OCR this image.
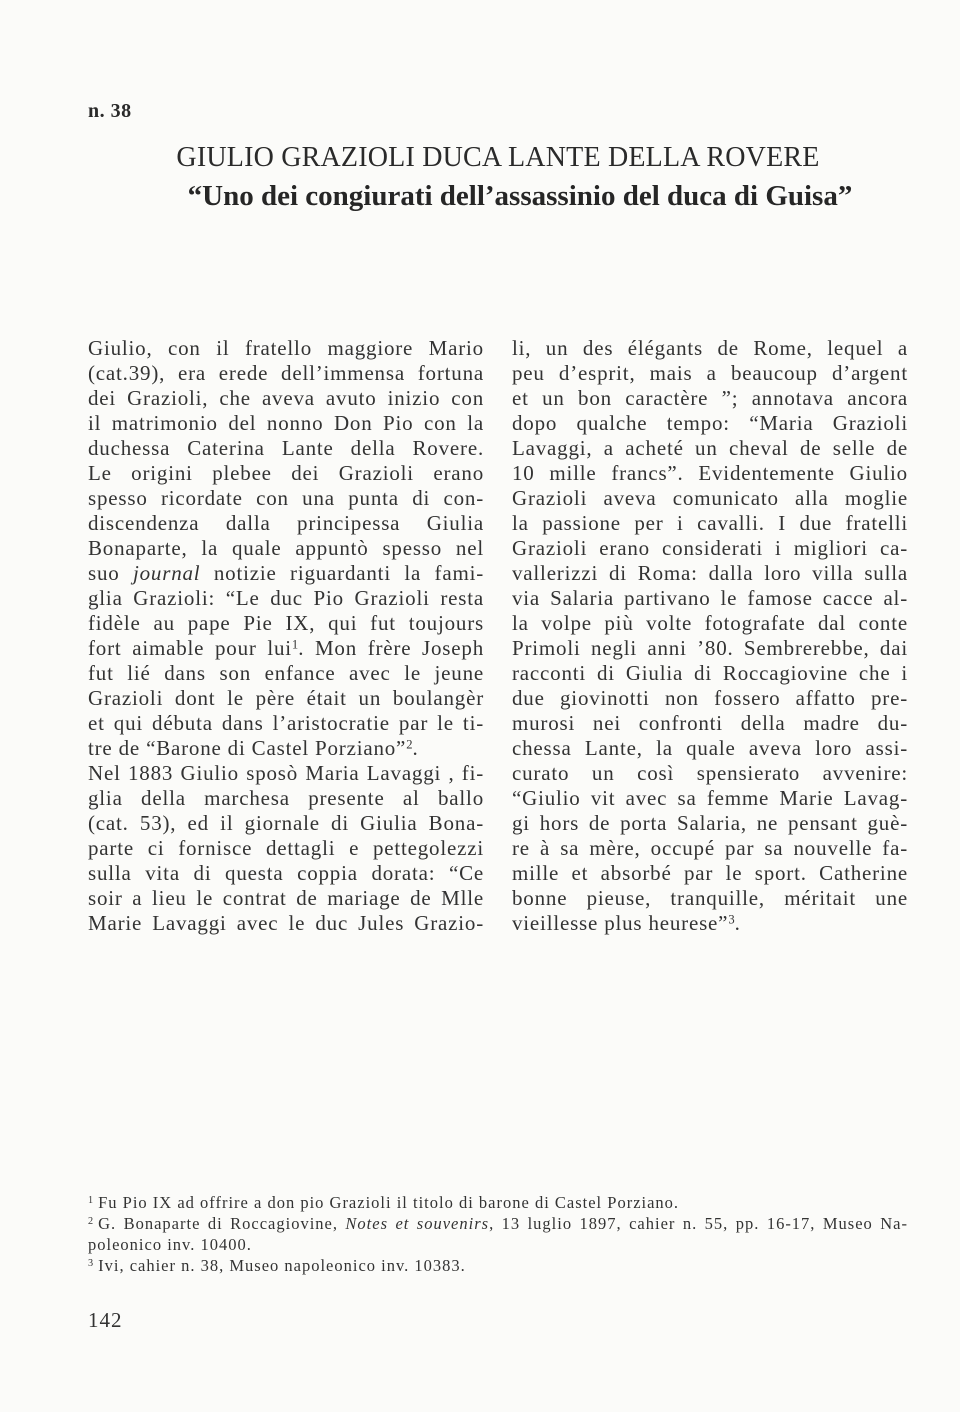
n. 38
GIULIO GRAZIOLI DUCA LANTE DELLA ROVERE
“Uno dei congiurati dell’assassinio del duca di Guisa”
Giulio, con il fratello maggiore Mario
(cat.39), era erede dell’immensa fortuna
dei Grazioli, che aveva avuto inizio con
il matrimonio del nonno Don Pio con la
duchessa Caterina Lante della Rovere.
Le origini plebee dei Grazioli erano
spesso ricordate con una punta di con-
discendenza dalla principessa Giulia
Bonaparte, la quale appuntò spesso nel
suo journal notizie riguardanti la fami-
glia Grazioli: “Le duc Pio Grazioli resta
fidèle au pape Pie IX, qui fut toujours
fort aimable pour lui$^1$. Mon frère Joseph
fut lié dans son enfance avec le jeune
Grazioli dont le père était un boulangèr
et qui débuta dans l’aristocratie par le ti-
tre de “Barone di Castel Porziano”$^2$.
Nel 1883 Giulio sposò Maria Lavaggi , fi-
glia della marchesa presente al ballo
(cat. 53), ed il giornale di Giulia Bona-
parte ci fornisce dettagli e pettegolezzi
sulla vita di questa coppia dorata: “Ce
soir a lieu le contrat de mariage de Mlle
Marie Lavaggi avec le duc Jules Grazio-
li, un des élégants de Rome, lequel a
peu d’esprit, mais a beaucoup d’argent
et un bon caractère ”; annotava ancora
dopo qualche tempo: “Maria Grazioli
Lavaggi, a acheté un cheval de selle de
10 mille francs”. Evidentemente Giulio
Grazioli aveva comunicato alla moglie
la passione per i cavalli. I due fratelli
Grazioli erano considerati i migliori ca-
vallerizzi di Roma: dalla loro villa sulla
via Salaria partivano le famose cacce al-
la volpe più volte fotografate dal conte
Primoli negli anni ’80. Sembrerebbe, dai
racconti di Giulia di Roccagiovine che i
due giovinotti non fossero affatto pre-
murosi nei confronti della madre du-
chessa Lante, la quale aveva loro assi-
curato un così spensierato avvenire:
“Giulio vit avec sa femme Marie Lavag-
gi hors de porta Salaria, ne pensant guè-
re à sa mère, occupé par sa nouvelle fa-
mille et absorbé par le sport. Catherine
bonne pieuse, tranquille, méritait une
vieillesse plus heurese”$^3$.
$^1$ Fu Pio IX ad offrire a don pio Grazioli il titolo di barone di Castel Porziano.
$^2$ G. Bonaparte di Roccagiovine, Notes et souvenirs, 13 luglio 1897, cahier n. 55, pp. 16-17, Museo Na-
poleonico inv. 10400.
$^3$ Ivi, cahier n. 38, Museo napoleonico inv. 10383.
142
